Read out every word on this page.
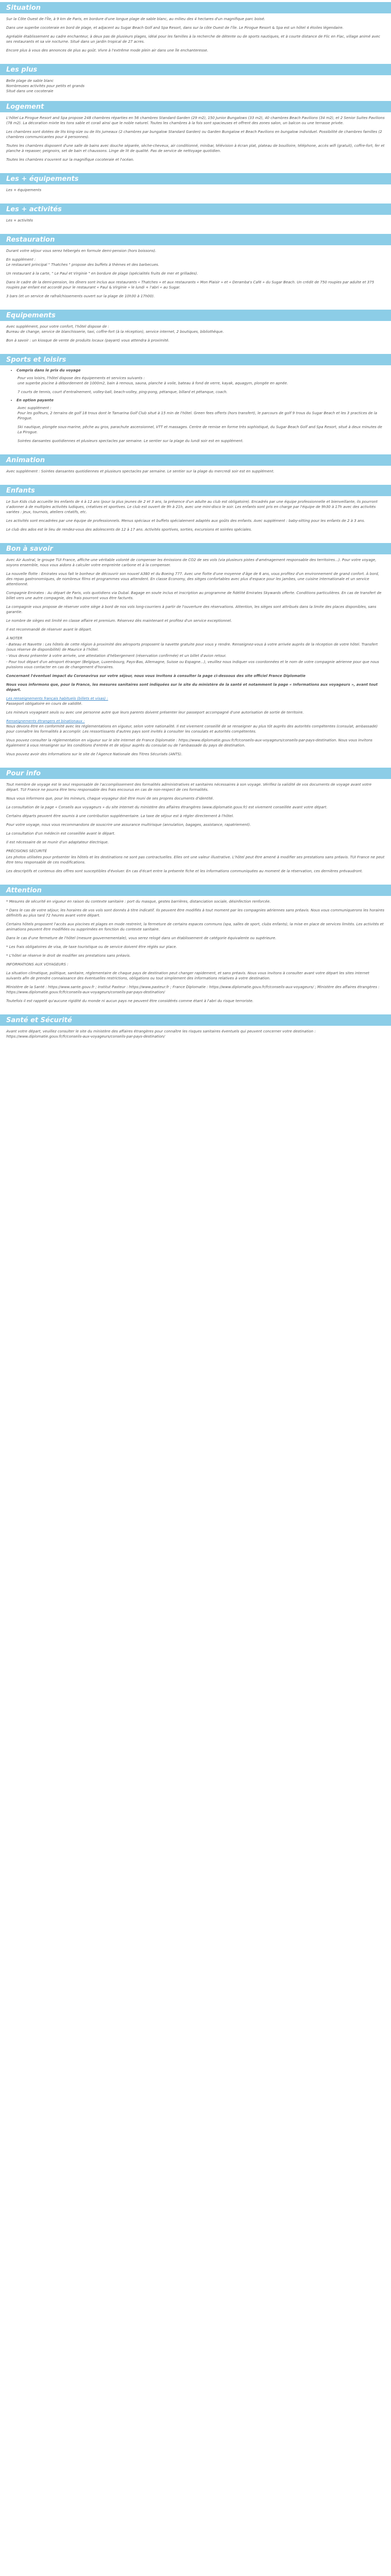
Situation

Sur la Côte Ouest de l'Île, à 9 km de Paris, en bordure d'une longue plage de sable blanc, au milieu des 4 hectares d'un magnifique parc boisé.

Dans une superbe cocoteraie en bord de plage, et adjacent au Sugar Beach Golf and Spa Resort, dans sur la côte Ouest de l'île. Le Pirogue Resort & Spa est un hôtel 4 étoiles légendaire.

Agréable établissement au cadre enchanteur, à deux pas de plusieurs plages, idéal pour les familles à la recherche de détente ou de sports nautiques, et à courte distance de Flic en Flac, village animé avec ses restaurants et sa vie nocturne. Situé dans un jardin tropical de 27 acres.

Encore plus à vous des annonces de plus au goût. Vivre à l'extrême mode plein air dans une île enchanteresse.

Les plus

Belle plage de sable blanc

Nombreuses activités pour petits et grands

Situé dans une cocoteraie

Logement

L'hôtel La Pirogue Resort and Spa propose 248 chambres réparties en 56 chambres Standard Garden (29 m2), 150 Junior Bungalows (33 m2), 40 chambres Beach Pavilions (34 m2), et 2 Senior Suites Pavilions (78 m2). La décoration mixte les tons sable et corail ainsi que le noble naturel. Toutes les chambres à la fois sont spacieuses et offrent des zones salon, un balcon ou une terrasse privée.

Les chambres sont dotées de lits king-size ou de lits jumeaux (2 chambres par bungalow Standard Garden) ou Garden Bungalow et Beach Pavilions en bungalow individuel. Possibilité de chambres familles (2 chambres communicantes pour 4 personnes).

Toutes les chambres disposent d'une salle de bains avec douche séparée, sèche-cheveux, air conditionné, minibar, télévision à écran plat, plateau de bouilloire, téléphone, accès wifi (gratuit), coffre-fort, fer et planche à repasser, peignoirs, set de bain et chaussons. Linge de lit de qualité. Pas de service de nettoyage quotidien.

Toutes les chambres s'ouvrent sur la magnifique cocoteraie et l'océan.

Les + équipements

Les + équipements

Les + activités

Les + activités

Restauration

Durant votre séjour vous serez hébergés en formule demi-pension (hors boissons).

En supplément :

Le restaurant principal " Thatches " propose des buffets à thèmes et des barbecues.

Un restaurant à la carte, " Le Paul et Virginie " en bordure de plage (spécialités fruits de mer et grillades).

Dans le cadre de la demi-pension, les dîners sont inclus aux restaurants « Thatches » et aux restaurants « Mon Plaisir » et « Deramba's Café » du Sugar Beach. Un crédit de 750 roupies par adulte et 375 roupies par enfant est accordé pour le restaurant « Paul & Virginie » le lundi + l'abri « au Sugar.

3 bars (et un service de rafraîchissements ouvert sur la plage de 10h30 à 17h00).

Equipements

Avec supplément, pour votre confort, l'hôtel dispose de :

Bureau de change, service de blanchisserie, taxi, coffre-fort (à la réception), service internet, 2 boutiques, bibliothèque.

Bon à savoir : un kiosque de vente de produits locaux (payant) vous attendra à proximité.

Sports et loisirs
• Compris dans le prix du voyage

Pour vos loisirs, l'hôtel dispose des équipements et services suivants :

une superbe piscine à débordement de 1000m2, bain à remous, sauna, planche à voile, bateau à fond de verre, kayak, aquagym, plongée en apnée.

7 courts de tennis, court d'entraînement, volley-ball, beach-volley, ping-pong, pétanque, billard et pétanque, coach.

• En option payante

Avec supplément :

Pour les golfeurs, 2 terrains de golf 18 trous dont le Tamarina Golf Club situé à 15 min de l'hôtel. Green fees offerts (hors transfert), le parcours de golf 9 trous du Sugar Beach et les 3 practices de la Pirogue.

Ski nautique, plongée sous-marine, pêche au gros, parachute ascensionnel, VTT et massages. Centre de remise en forme très sophistiqué, du Sugar Beach Golf and Spa Resort, situé à deux minutes de La Pirogue.

Soirées dansantes quotidiennes et plusieurs spectacles par semaine. Le sentier sur la plage du lundi soir est en supplément.

Animation

Avec supplément : Soirées dansantes quotidiennes et plusieurs spectacles par semaine. Le sentier sur la plage du mercredi soir est en supplément.

Enfants

Le Sun Kids club accueille les enfants de 4 à 12 ans (pour la plus jeunes de 2 et 3 ans, la présence d'un adulte au club est obligatoire). Encadrés par une équipe professionnelle et bienveillante, ils pourront s'adonner à de multiples activités ludiques, créatives et sportives. Le club est ouvert de 9h à 21h, avec une mini-disco le soir. Les enfants sont pris en charge par l'équipe de 9h30 à 17h avec des activités variées : jeux, tournois, ateliers créatifs, etc.

Les activités sont encadrées par une équipe de professionnels. Menus spéciaux et buffets spécialement adaptés aux goûts des enfants. Avec supplément : baby-sitting pour les enfants de 2 à 3 ans.

Le club des ados est le lieu de rendez-vous des adolescents de 12 à 17 ans. Activités sportives, sorties, excursions et soirées spéciales.

Bon à savoir

Avec Air Austral, le groupe TUI France, affiche une véritable volonté de compenser les émissions de CO2 de ses vols (via plusieurs pistes d'aménagement responsable des territoires...). Pour votre voyage, soyons ensemble, nous vous aidons à calculer votre empreinte carbone et à la compenser.

La nouvelle flotte : Emirates vous fait le bonheur de découvrir son nouvel A380 et du Boeing 777. Avec une flotte d'une moyenne d'âge de 6 ans, vous profitez d'un environnement de grand confort. À bord, des repas gastronomiques, de nombreux films et programmes vous attendent. En classe Economy, des sièges confortables avec plus d'espace pour les jambes, une cuisine internationale et un service attentionné.

Compagnie Emirates : Au départ de Paris, vols quotidiens via Dubaï. Bagage en soute inclus et inscription au programme de fidélité Emirates Skywards offerte. Conditions particulières. En cas de transfert de billet vers une autre compagnie, des frais pourront vous être facturés.

La compagnie vous propose de réserver votre siège à bord de nos vols long-courriers à partir de l'ouverture des réservations. Attention, les sièges sont attribués dans la limite des places disponibles, sans garantie.

Le nombre de sièges est limité en classe affaire et premium. Réservez dès maintenant et profitez d'un service exceptionnel.

Il est recommandé de réserver avant le départ.

À NOTER

- Bateau et Navette : Les hôtels de cette région à proximité des aéroports proposent la navette gratuite pour vous y rendre. Renseignez-vous à votre arrivée auprès de la réception de votre hôtel. Transfert (sous réserve de disponibilité) de Maurice à l'hôtel.

- Vous devez présenter à votre arrivée, une attestation d'hébergement (réservation confirmée) et un billet d'avion retour.

- Pour tout départ d'un aéroport étranger (Belgique, Luxembourg, Pays-Bas, Allemagne, Suisse ou Espagne...), veuillez nous indiquer vos coordonnées et le nom de votre compagnie aérienne pour que nous puissions vous contacter en cas de changement d'horaires.

Concernant l'éventuel impact du Coronavirus sur votre séjour, nous vous invitons à consulter la page ci-dessous des site officiel France Diplomatie

Nous vous informons que, pour la France, les mesures sanitaires sont indiquées sur le site du ministère de la santé et notamment la page « Informations aux voyageurs », avant tout départ.

Les renseignements français habituels (billets et visas) :

Passeport obligatoire en cours de validité.

Les mineurs voyageant seuls ou avec une personne autre que leurs parents doivent présenter leur passeport accompagné d'une autorisation de sortie de territoire.

Renseignements étrangers et binationaux :

Nous devons être en conformité avec les réglementations en vigueur, selon votre nationalité. Il est vivement conseillé de se renseigner au plus tôt auprès des autorités compétentes (consulat, ambassade) pour connaître les formalités à accomplir. Les ressortissants d'autres pays sont invités à consulter les consulats et autorités compétentes.

Vous pouvez consulter la réglementation en vigueur sur le site internet de France Diplomatie : https://www.diplomatie.gouv.fr/fr/conseils-aux-voyageurs/conseils-par-pays-destination. Nous vous invitons également à vous renseigner sur les conditions d'entrée et de séjour auprès du consulat ou de l'ambassade du pays de destination.

Vous pouvez avoir des informations sur le site de l'Agence Nationale des Titres Sécurisés (ANTS).

Pour info

Tout membre de voyage est le seul responsable de l'accomplissement des formalités administratives et sanitaires nécessaires à son voyage. Vérifiez la validité de vos documents de voyage avant votre départ. TUI France ne pourra être tenu responsable des frais encourus en cas de non-respect de ces formalités.

Nous vous informons que, pour les mineurs, chaque voyageur doit être muni de ses propres documents d'identité.

La consultation de la page « Conseils aux voyageurs » du site internet du ministère des affaires étrangères (www.diplomatie.gouv.fr) est vivement conseillée avant votre départ.

Certains départs peuvent être soumis à une contribution supplémentaire. La taxe de séjour est à régler directement à l'hôtel.

Pour votre voyage, nous vous recommandons de souscrire une assurance multirisque (annulation, bagages, assistance, rapatriement).

La consultation d'un médecin est conseillée avant le départ.

Il est nécessaire de se munir d'un adaptateur électrique.

PRÉCISIONS SÉCURITÉ

Les photos utilisées pour présenter les hôtels et les destinations ne sont pas contractuelles. Elles ont une valeur illustrative. L'hôtel peut être amené à modifier ses prestations sans préavis. TUI France ne peut être tenu responsable de ces modifications.

Les descriptifs et contenus des offres sont susceptibles d'évoluer. En cas d'écart entre la présente fiche et les informations communiquées au moment de la réservation, ces dernières prévaudront.

Attention

* Mesures de sécurité en vigueur en raison du contexte sanitaire : port du masque, gestes barrières, distanciation sociale, désinfection renforcée.

* Dans le cas de votre séjour, les horaires de vos vols sont donnés à titre indicatif. Ils peuvent être modifiés à tout moment par les compagnies aériennes sans préavis. Nous vous communiquerons les horaires définitifs au plus tard 72 heures avant votre départ.

Certains hôtels proposent l'accès aux piscines et plages en mode restreint, la fermeture de certains espaces communs (spa, salles de sport, clubs enfants), la mise en place de services limités. Les activités et animations peuvent être modifiées ou supprimées en fonction du contexte sanitaire.

Dans le cas d'une fermeture de l'hôtel (mesure gouvernementale), vous serez relogé dans un établissement de catégorie équivalente ou supérieure.

* Les frais obligatoires de visa, de taxe touristique ou de service doivent être réglés sur place.

* L'hôtel se réserve le droit de modifier ses prestations sans préavis.

INFORMATIONS AUX VOYAGEURS :

La situation climatique, politique, sanitaire, réglementaire de chaque pays de destination peut changer rapidement, et sans préavis. Nous vous invitons à consulter avant votre départ les sites internet suivants afin de prendre connaissance des éventuelles restrictions, obligations ou tout simplement des informations relatives à votre destination.

Ministère de la Santé : https://www.sante.gouv.fr ; Institut Pasteur : https://www.pasteur.fr ; France Diplomatie : https://www.diplomatie.gouv.fr/fr/conseils-aux-voyageurs/ ; Ministère des affaires étrangères : https://www.diplomatie.gouv.fr/fr/conseils-aux-voyageurs/conseils-par-pays-destination/

Toutefois il est rappelé qu'aucune rigidité du monde ni aucun pays ne peuvent être considérés comme étant à l'abri du risque terroriste.

Santé et Sécurité

Avant votre départ, veuillez consulter le site du ministère des affaires étrangères pour connaître les risques sanitaires éventuels qui peuvent concerner votre destination : https://www.diplomatie.gouv.fr/fr/conseils-aux-voyageurs/conseils-par-pays-destination/
